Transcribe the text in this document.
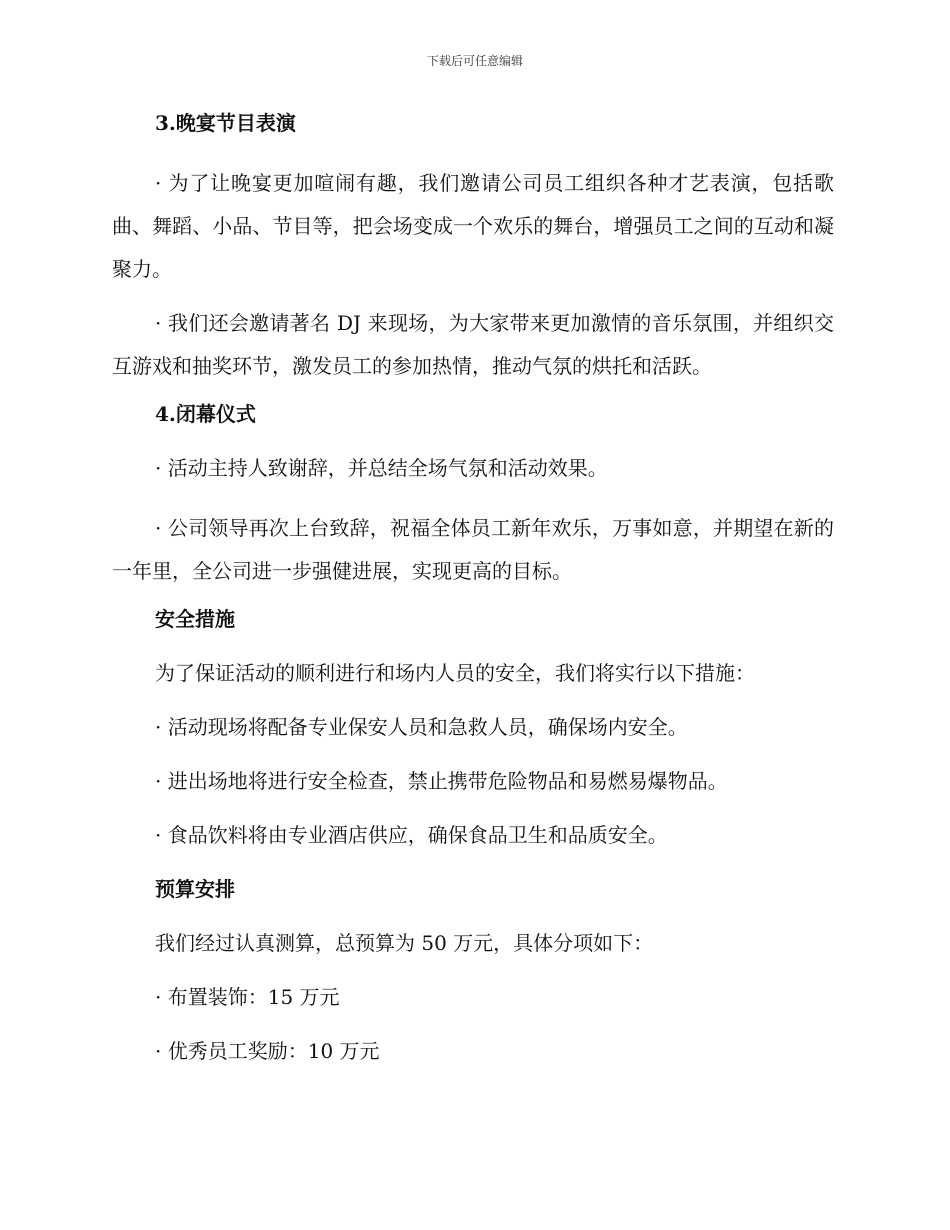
下载后可任意编辑
3.晚宴节目表演

· 为了让晚宴更加喧闹有趣，我们邀请公司员工组织各种才艺表演，包括歌曲、舞蹈、小品、节目等，把会场变成一个欢乐的舞台，增强员工之间的互动和凝聚力。

· 我们还会邀请著名 DJ 来现场，为大家带来更加激情的音乐氛围，并组织交互游戏和抽奖环节，激发员工的参加热情，推动气氛的烘托和活跃。

4.闭幕仪式

· 活动主持人致谢辞，并总结全场气氛和活动效果。

· 公司领导再次上台致辞，祝福全体员工新年欢乐，万事如意，并期望在新的一年里，全公司进一步强健进展，实现更高的目标。

安全措施

为了保证活动的顺利进行和场内人员的安全，我们将实行以下措施：

· 活动现场将配备专业保安人员和急救人员，确保场内安全。

· 进出场地将进行安全检查，禁止携带危险物品和易燃易爆物品。

· 食品饮料将由专业酒店供应，确保食品卫生和品质安全。

预算安排

我们经过认真测算，总预算为 50 万元，具体分项如下：

· 布置装饰：15 万元

· 优秀员工奖励：10 万元
